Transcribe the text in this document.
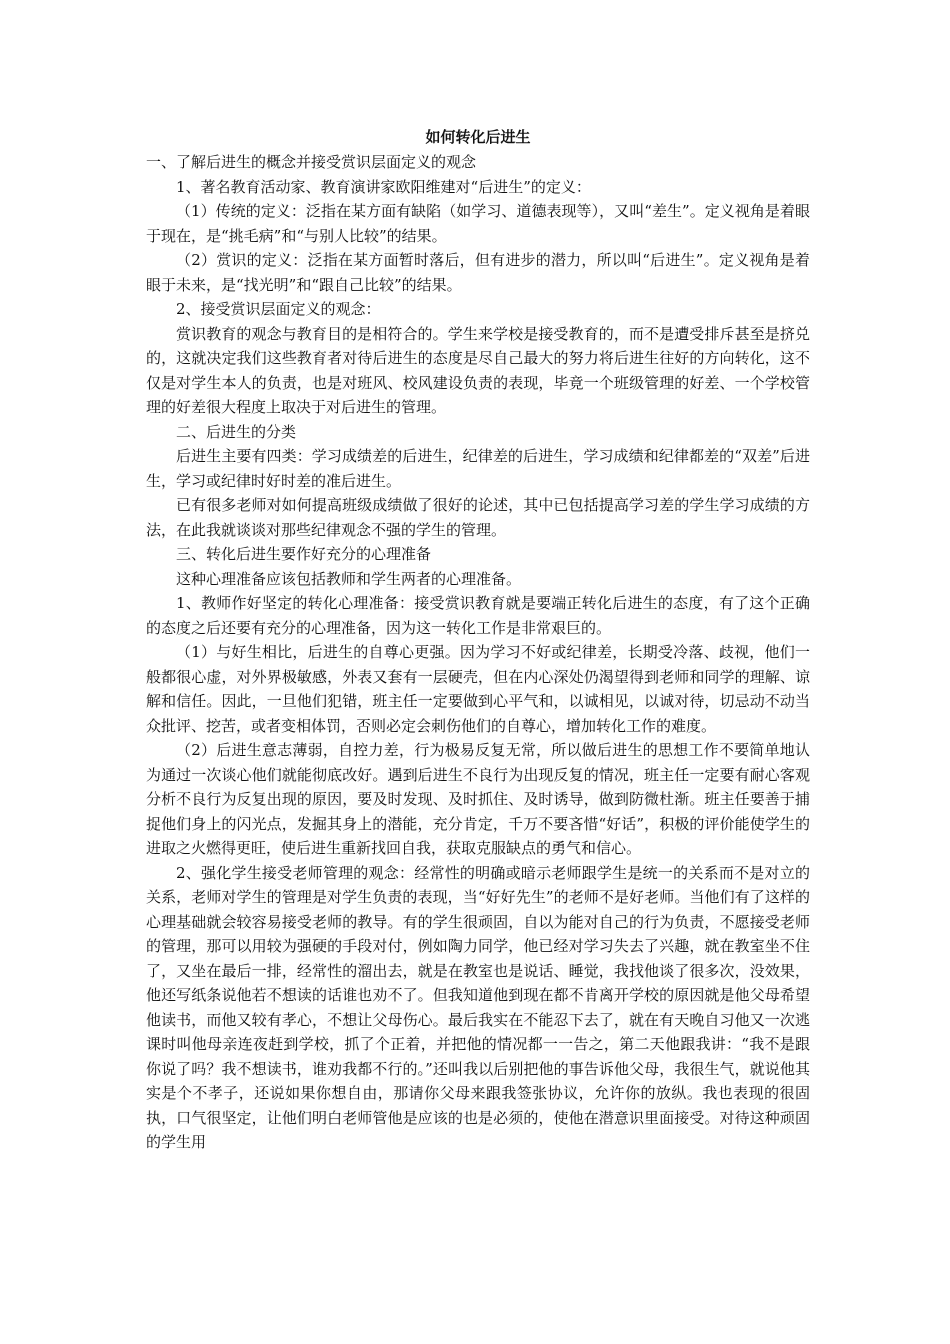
如何转化后进生

一、了解后进生的概念并接受赏识层面定义的观念

1、著名教育活动家、教育演讲家欧阳维建对“后进生”的定义：

（1）传统的定义：泛指在某方面有缺陷（如学习、道德表现等），又叫“差生”。定义视角是着眼于现在，是“挑毛病”和“与别人比较”的结果。

（2）赏识的定义：泛指在某方面暂时落后，但有进步的潜力，所以叫“后进生”。定义视角是着眼于未来，是“找光明”和“跟自己比较”的结果。

2、接受赏识层面定义的观念：

赏识教育的观念与教育目的是相符合的。学生来学校是接受教育的，而不是遭受排斥甚至是挤兑的，这就决定我们这些教育者对待后进生的态度是尽自己最大的努力将后进生往好的方向转化，这不仅是对学生本人的负责，也是对班风、校风建设负责的表现，毕竟一个班级管理的好差、一个学校管理的好差很大程度上取决于对后进生的管理。

二、后进生的分类

后进生主要有四类：学习成绩差的后进生，纪律差的后进生，学习成绩和纪律都差的“双差”后进生，学习或纪律时好时差的准后进生。

已有很多老师对如何提高班级成绩做了很好的论述，其中已包括提高学习差的学生学习成绩的方法，在此我就谈谈对那些纪律观念不强的学生的管理。

三、转化后进生要作好充分的心理准备

这种心理准备应该包括教师和学生两者的心理准备。

1、教师作好坚定的转化心理准备：接受赏识教育就是要端正转化后进生的态度，有了这个正确的态度之后还要有充分的心理准备，因为这一转化工作是非常艰巨的。

（1）与好生相比，后进生的自尊心更强。因为学习不好或纪律差，长期受冷落、歧视，他们一般都很心虚，对外界极敏感，外表又套有一层硬壳，但在内心深处仍渴望得到老师和同学的理解、谅解和信任。因此，一旦他们犯错，班主任一定要做到心平气和，以诚相见，以诚对待，切忌动不动当众批评、挖苦，或者变相体罚，否则必定会刺伤他们的自尊心，增加转化工作的难度。

（2）后进生意志薄弱，自控力差，行为极易反复无常，所以做后进生的思想工作不要简单地认为通过一次谈心他们就能彻底改好。遇到后进生不良行为出现反复的情况，班主任一定要有耐心客观分析不良行为反复出现的原因，要及时发现、及时抓住、及时诱导，做到防微杜渐。班主任要善于捕捉他们身上的闪光点，发掘其身上的潜能，充分肯定，千万不要吝惜“好话”，积极的评价能使学生的进取之火燃得更旺，使后进生重新找回自我，获取克服缺点的勇气和信心。

2、强化学生接受老师管理的观念：经常性的明确或暗示老师跟学生是统一的关系而不是对立的关系，老师对学生的管理是对学生负责的表现，当“好好先生”的老师不是好老师。当他们有了这样的心理基础就会较容易接受老师的教导。有的学生很顽固，自以为能对自己的行为负责，不愿接受老师的管理，那可以用较为强硬的手段对付，例如陶力同学，他已经对学习失去了兴趣，就在教室坐不住了，又坐在最后一排，经常性的溜出去，就是在教室也是说话、睡觉，我找他谈了很多次，没效果，他还写纸条说他若不想读的话谁也劝不了。但我知道他到现在都不肯离开学校的原因就是他父母希望他读书，而他又较有孝心，不想让父母伤心。最后我实在不能忍下去了，就在有天晚自习他又一次逃课时叫他母亲连夜赶到学校，抓了个正着，并把他的情况都一一告之，第二天他跟我讲：“我不是跟你说了吗？我不想读书，谁劝我都不行的。”还叫我以后别把他的事告诉他父母，我很生气，就说他其实是个不孝子，还说如果你想自由，那请你父母来跟我签张协议，允许你的放纵。我也表现的很固执，口气很坚定，让他们明白老师管他是应该的也是必须的，使他在潜意识里面接受。对待这种顽固的学生用
